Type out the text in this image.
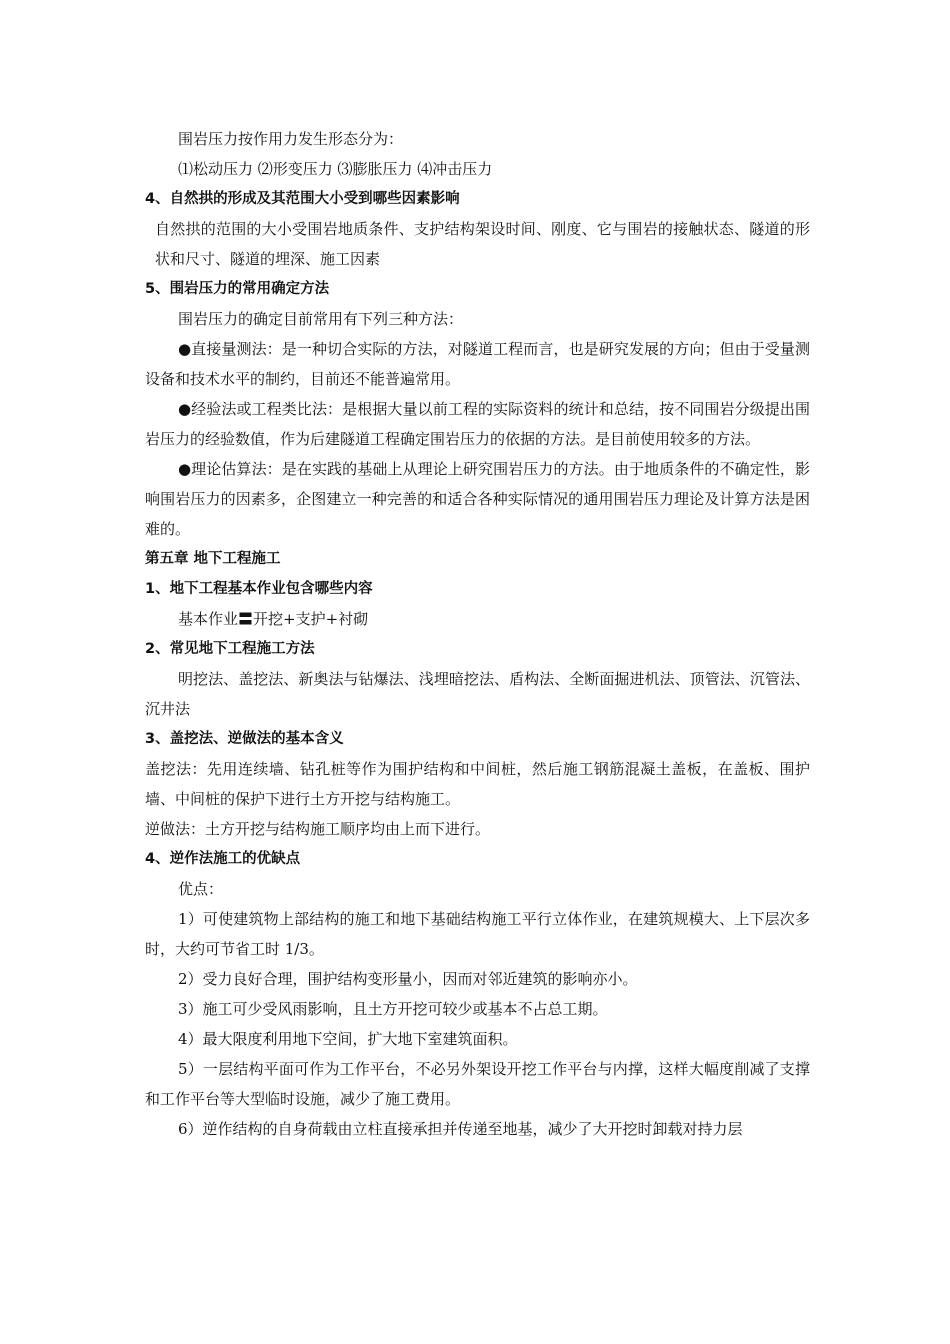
围岩压力按作用力发生形态分为：

⑴松动压力 ⑵形变压力 ⑶膨胀压力 ⑷冲击压力

4、自然拱的形成及其范围大小受到哪些因素影响

自然拱的范围的大小受围岩地质条件、支护结构架设时间、刚度、它与围岩的接触状态、隧道的形状和尺寸、隧道的埋深、施工因素

5、围岩压力的常用确定方法

围岩压力的确定目前常用有下列三种方法：

●直接量测法：是一种切合实际的方法，对隧道工程而言，也是研究发展的方向；但由于受量测设备和技术水平的制约，目前还不能普遍常用。

●经验法或工程类比法：是根据大量以前工程的实际资料的统计和总结，按不同围岩分级提出围岩压力的经验数值，作为后建隧道工程确定围岩压力的依据的方法。是目前使用较多的方法。

●理论估算法：是在实践的基础上从理论上研究围岩压力的方法。由于地质条件的不确定性，影响围岩压力的因素多，企图建立一种完善的和适合各种实际情况的通用围岩压力理论及计算方法是困难的。

第五章 地下工程施工

1、地下工程基本作业包含哪些内容

基本作业〓开挖+支护+衬砌

2、常见地下工程施工方法

明挖法、盖挖法、新奥法与钻爆法、浅埋暗挖法、盾构法、全断面掘进机法、顶管法、沉管法、沉井法

3、盖挖法、逆做法的基本含义

盖挖法：先用连续墙、钻孔桩等作为围护结构和中间桩，然后施工钢筋混凝土盖板，在盖板、围护墙、中间桩的保护下进行土方开挖与结构施工。

逆做法：土方开挖与结构施工顺序均由上而下进行。

4、逆作法施工的优缺点

优点：

1）可使建筑物上部结构的施工和地下基础结构施工平行立体作业，在建筑规模大、上下层次多时，大约可节省工时 1/3。

2）受力良好合理，围护结构变形量小，因而对邻近建筑的影响亦小。

3）施工可少受风雨影响，且土方开挖可较少或基本不占总工期。

4）最大限度利用地下空间，扩大地下室建筑面积。

5）一层结构平面可作为工作平台，不必另外架设开挖工作平台与内撑，这样大幅度削减了支撑和工作平台等大型临时设施，减少了施工费用。

6）逆作结构的自身荷载由立柱直接承担并传递至地基，减少了大开挖时卸载对持力层
